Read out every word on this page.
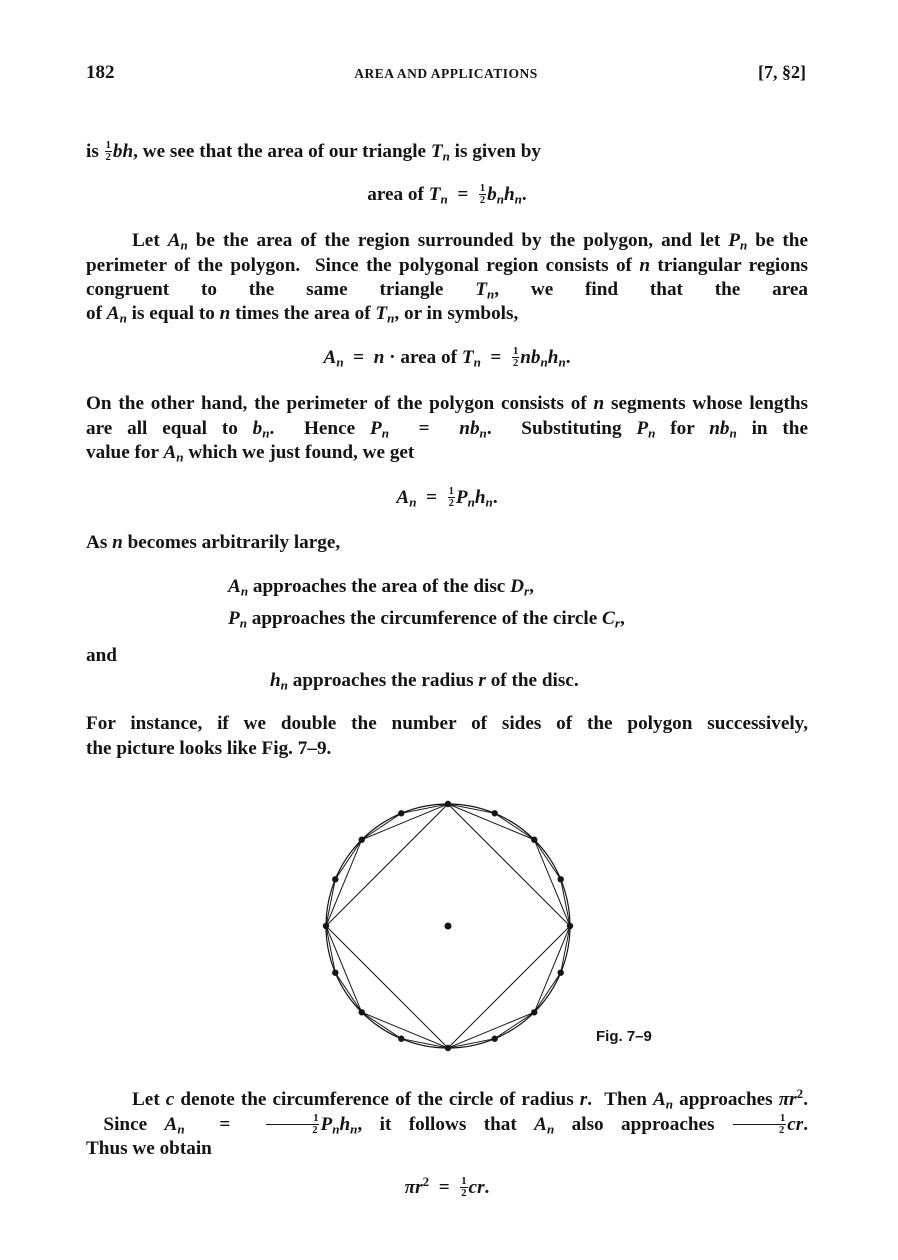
182	AREA AND APPLICATIONS	[7, §2]

is $\frac{1}{2}$ bh, we see that the area of our triangle $T_n$ is given by

area of $T_n = \frac{1}{2} b_nh_n$.

Let $A_n$ be the area of the region surrounded by the polygon, and let $P_n$ be the perimeter of the polygon.  Since the polygonal region consists of n triangular regions congruent to the same triangle $T_n$, we find that the area

of $A_n$ is equal to n times the area of $T_n$, or in symbols,

$A_n = n$ · area of $T_n = \frac{1}{2} nb_nh_n$.

On the other hand, the perimeter of the polygon consists of n segments whose lengths are all equal to $b_n$.  Hence $P_n = nb_n$.  Substituting $P_n$ for $nb_n$ in the

value for $A_n$ which we just found, we get

$A_n = \frac{1}{2} P_nh_n$.

As n becomes arbitrarily large,

$A_n$ approaches the area of the disc $D_r$,

$P_n$ approaches the circumference of the circle $C_r$,

and

$h_n$ approaches the radius r of the disc.

For instance, if we double the number of sides of the polygon successively,

the picture looks like Fig. 7–9.

Fig. 7–9

Let c denote the circumference of the circle of radius r.  Then $A_n$ approaches $\pi r^2$.  Since $A_n = \frac{1}{2} P_nh_n$, it follows that $A_n$ also approaches $\frac{1}{2}$ cr.

Thus we obtain

$\pi r^2 = \frac{1}{2}$ cr.
